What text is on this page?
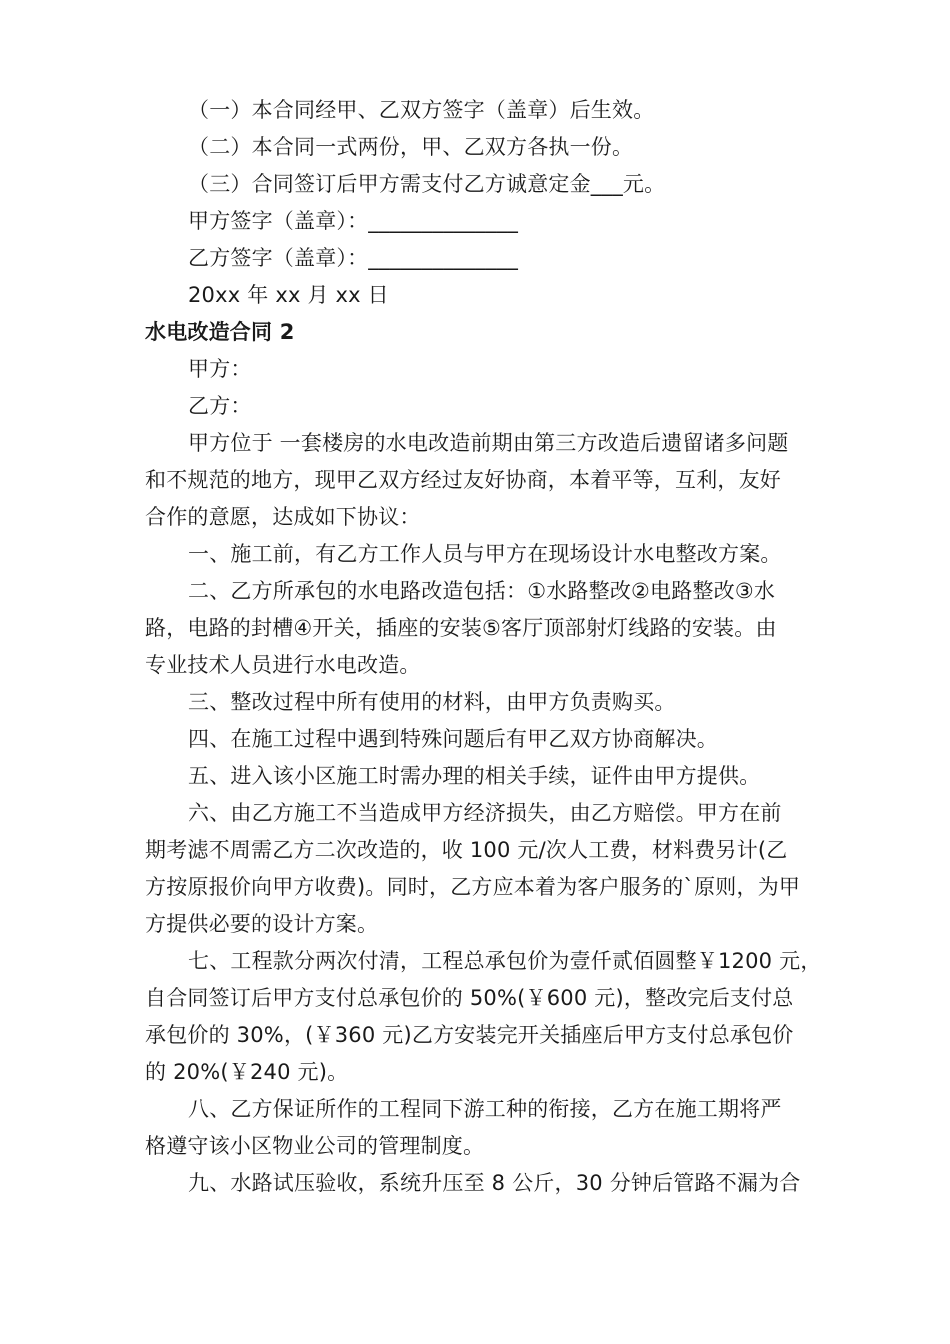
（一）本合同经甲、乙双方签字（盖章）后生效。
（二）本合同一式两份，甲、乙双方各执一份。
（三）合同签订后甲方需支付乙方诚意定金___元。
甲方签字（盖章）：______________
乙方签字（盖章）：______________
20xx 年 xx 月 xx 日
水电改造合同 2
甲方：
乙方：
甲方位于 一套楼房的水电改造前期由第三方改造后遗留诸多问题
和不规范的地方，现甲乙双方经过友好协商，本着平等，互利，友好
合作的意愿，达成如下协议：
一、施工前，有乙方工作人员与甲方在现场设计水电整改方案。
二、乙方所承包的水电路改造包括：①水路整改②电路整改③水
路，电路的封槽④开关，插座的安装⑤客厅顶部射灯线路的安装。由
专业技术人员进行水电改造。
三、整改过程中所有使用的材料，由甲方负责购买。
四、在施工过程中遇到特殊问题后有甲乙双方协商解决。
五、进入该小区施工时需办理的相关手续，证件由甲方提供。
六、由乙方施工不当造成甲方经济损失，由乙方赔偿。甲方在前
期考滤不周需乙方二次改造的，收 100 元/次人工费，材料费另计(乙
方按原报价向甲方收费)。同时，乙方应本着为客户服务的`原则，为甲
方提供必要的设计方案。
七、工程款分两次付清，工程总承包价为壹仟贰佰圆整￥1200 元，
自合同签订后甲方支付总承包价的 50%(￥600 元)，整改完后支付总
承包价的 30%，(￥360 元)乙方安装完开关插座后甲方支付总承包价
的 20%(￥240 元)。
八、乙方保证所作的工程同下游工种的衔接，乙方在施工期将严
格遵守该小区物业公司的管理制度。
九、水路试压验收，系统升压至 8 公斤，30 分钟后管路不漏为合
